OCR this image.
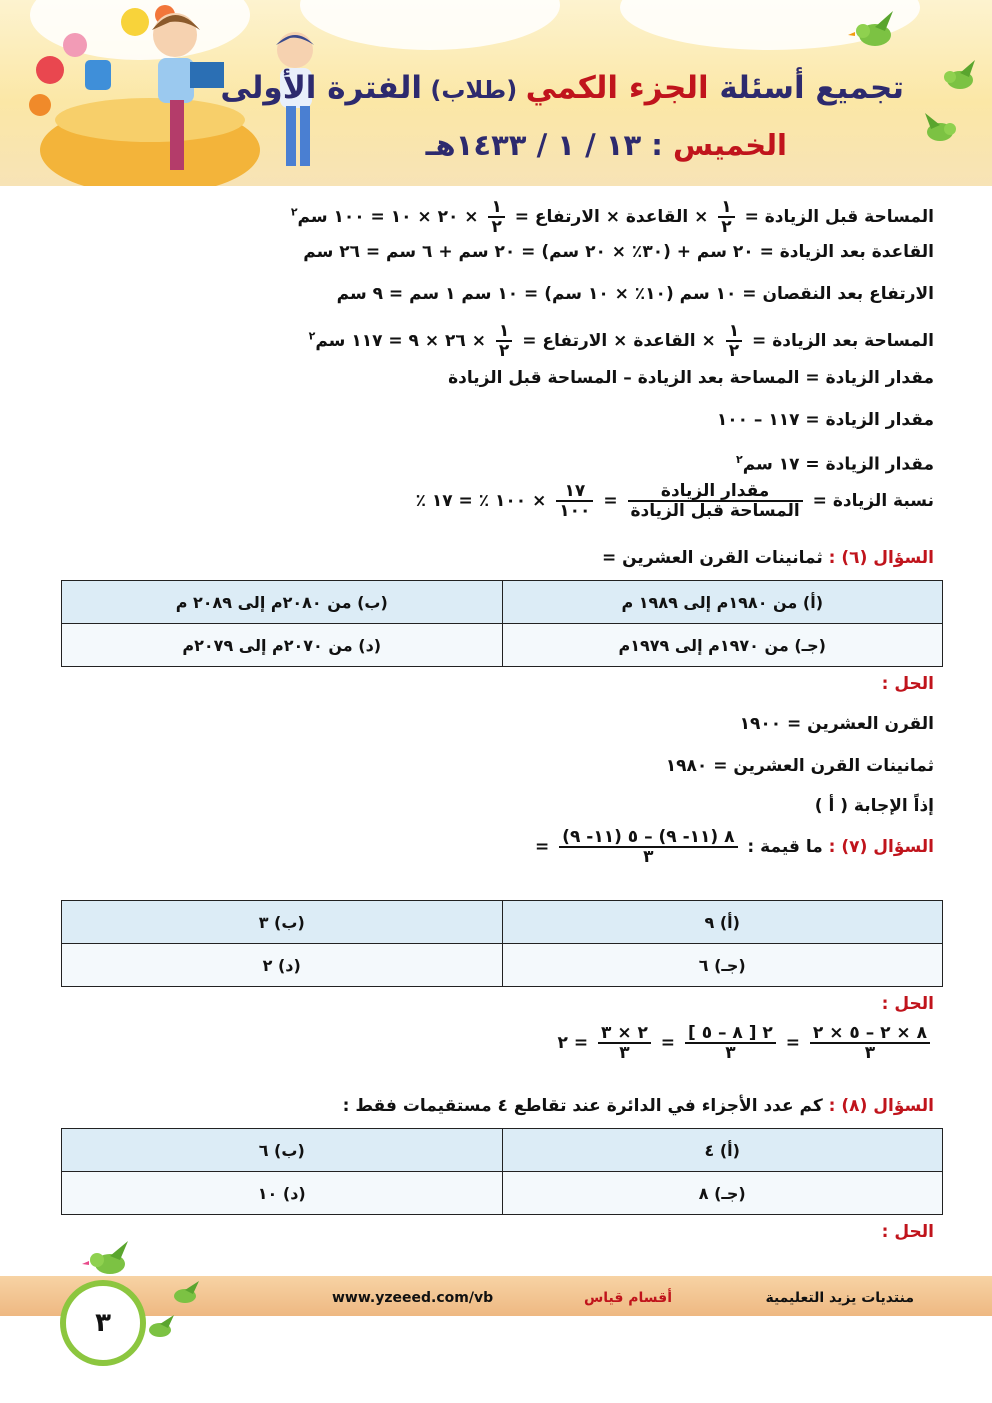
تجميع أسئلة الجزء الكمي (طلاب) الفترة الأولى
الخميس : ١٣ / ١ / ١٤٣٣هـ
المساحة قبل الزيادة =
$\frac{١}{٢}$
× القاعدة × الارتفاع =
$\frac{١}{٢}$
× ٢٠ × ١٠ = ١٠٠ سم$^٢$
القاعدة بعد الزيادة = ٢٠ سم + (٣٠٪ × ٢٠ سم) = ٢٠ سم + ٦ سم = ٢٦ سم
الارتفاع بعد النقصان = ١٠ سم (١٠٪ × ١٠ سم) = ١٠ سم ١ سم = ٩ سم
المساحة بعد الزيادة =
$\frac{١}{٢}$
× القاعدة × الارتفاع =
$\frac{١}{٢}$
× ٢٦ × ٩ = ١١٧ سم$^٢$
مقدار الزيادة = المساحة بعد الزيادة – المساحة قبل الزيادة
مقدار الزيادة = ١١٧ – ١٠٠
مقدار الزيادة = ١٧ سم$^٢$
نسبة الزيادة =
$\frac{\text{مقدار الزيادة}}{\text{المساحة قبل الزيادة}}$
=
$\frac{١٧}{١٠٠}$
× ١٠٠ ٪ = ١٧ ٪
السؤال (٦) : ثمانينات القرن العشرين =
(أ) من ١٩٨٠م إلى ١٩٨٩ م	(ب) من ٢٠٨٠م إلى ٢٠٨٩ م
(جـ) من ١٩٧٠م إلى ١٩٧٩م	(د) من ٢٠٧٠م إلى ٢٠٧٩م
الحل :
القرن العشرين = ١٩٠٠
ثمانينات القرن العشرين = ١٩٨٠
إذاً الإجابة ( أ )
السؤال (٧) : ما قيمة :
$\frac{٨ (١١- ٩) - ٥ (١١- ٩)}{٣}$
=
(أ) ٩	(ب) ٣
(جـ) ٦	(د) ٢
الحل :
$\frac{٨ \times ٢ - ٥ \times ٢}{٣}$
=
$\frac{٢ [ ٨ - ٥ ]}{٣}$
=
$\frac{٢ \times ٣}{٣}$
= ٢
السؤال (٨) : كم عدد الأجزاء في الدائرة عند تقاطع ٤ مستقيمات فقط :
(أ) ٤	(ب) ٦
(جـ) ٨	(د) ١٠
الحل :
منتديات يزيد التعليمية
أقسام قياس
www.yzeeed.com/vb
٣
